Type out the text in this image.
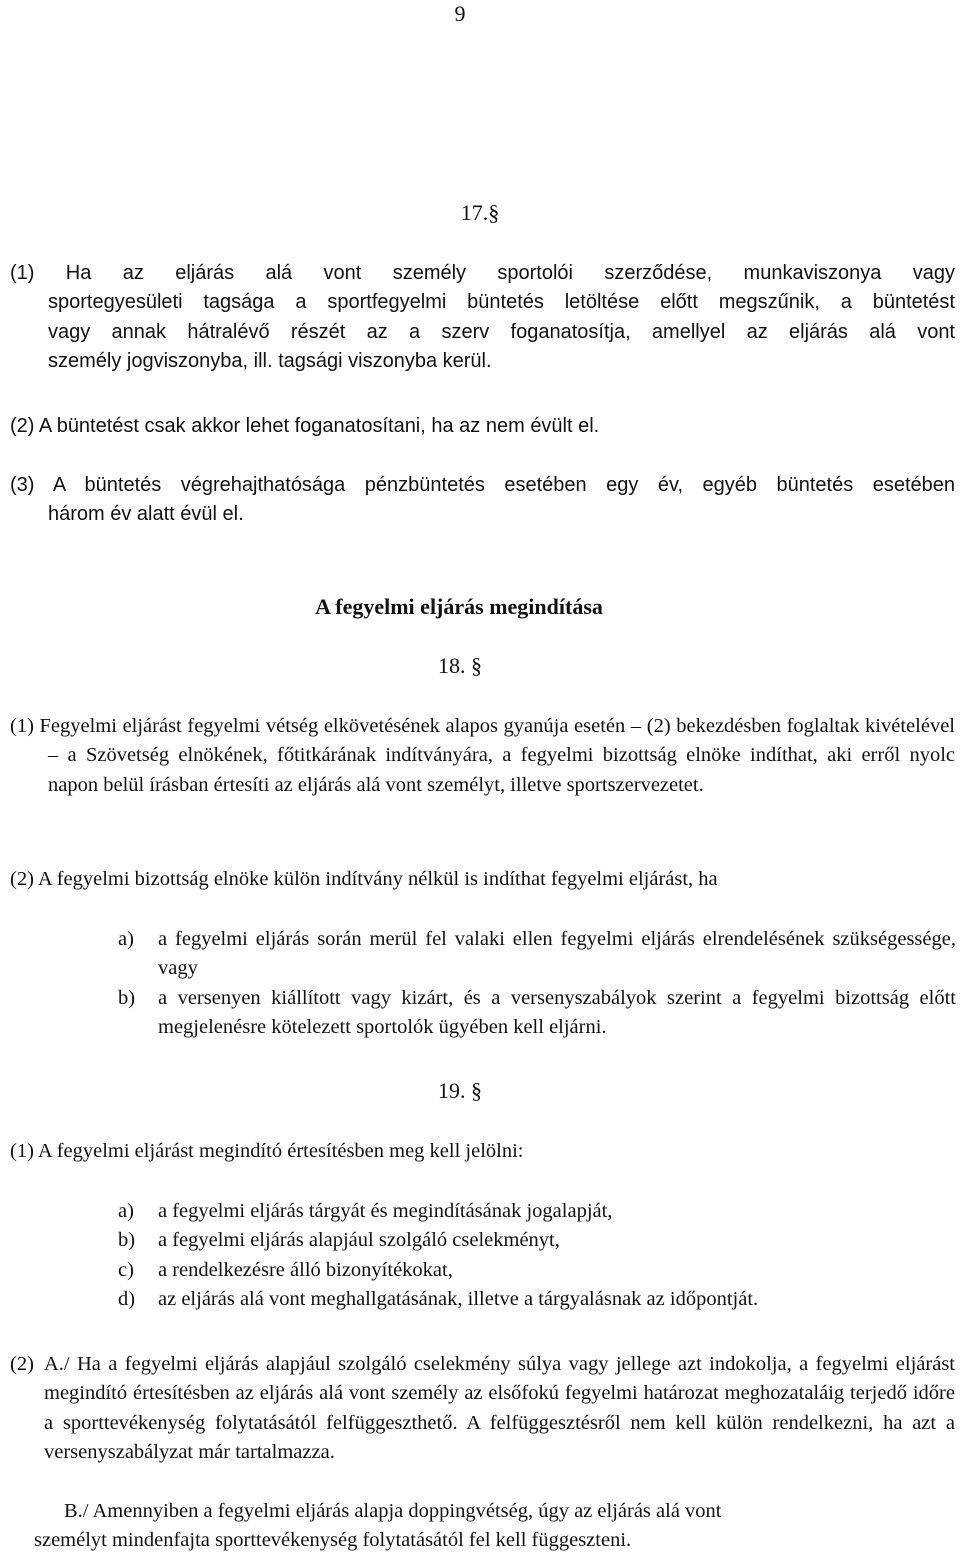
9
17.§
(1) Ha az eljárás alá vont személy sportolói szerződése, munkaviszonya vagy
sportegyesületi tagsága a sportfegyelmi büntetés letöltése előtt megszűnik, a büntetést
vagy annak hátralévő részét az a szerv foganatosítja, amellyel az eljárás alá vont
személy jogviszonyba, ill. tagsági viszonyba kerül.
(2) A büntetést csak akkor lehet foganatosítani, ha az nem évült el.
(3) A büntetés végrehajthatósága pénzbüntetés esetében egy év, egyéb büntetés esetében
három év alatt évül el.
A fegyelmi eljárás megindítása
18. §
(1) Fegyelmi eljárást fegyelmi vétség elkövetésének alapos gyanúja esetén – (2) bekezdésben foglaltak kivételével – a Szövetség elnökének, főtitkárának indítványára, a fegyelmi bizottság elnöke indíthat, aki erről nyolc napon belül írásban értesíti az eljárás alá vont személyt, illetve sportszervezetet.
(2) A fegyelmi bizottság elnöke külön indítvány nélkül is indíthat fegyelmi eljárást, ha
a)	a fegyelmi eljárás során merül fel valaki ellen fegyelmi eljárás elrendelésének szükségessége, vagy
b)	a versenyen kiállított vagy kizárt, és a versenyszabályok szerint a fegyelmi bizottság előtt megjelenésre kötelezett sportolók ügyében kell eljárni.
19. §
(1) A fegyelmi eljárást megindító értesítésben meg kell jelölni:
a)	a fegyelmi eljárás tárgyát és megindításának jogalapját,
b)	a fegyelmi eljárás alapjául szolgáló cselekményt,
c)	a rendelkezésre álló bizonyítékokat,
d)	az eljárás alá vont meghallgatásának, illetve a tárgyalásnak az időpontját.
(2) A./ Ha a fegyelmi eljárás alapjául szolgáló cselekmény súlya vagy jellege azt indokolja, a fegyelmi eljárást megindító értesítésben az eljárás alá vont személy az elsőfokú fegyelmi határozat meghozataláig terjedő időre a sporttevékenység folytatásától felfüggeszthető. A felfüggesztésről nem kell külön rendelkezni, ha azt a versenyszabályzat már tartalmazza.
B./ Amennyiben a fegyelmi eljárás alapja doppingvétség, úgy az eljárás alá vont
személyt mindenfajta sporttevékenység folytatásától fel kell függeszteni.
